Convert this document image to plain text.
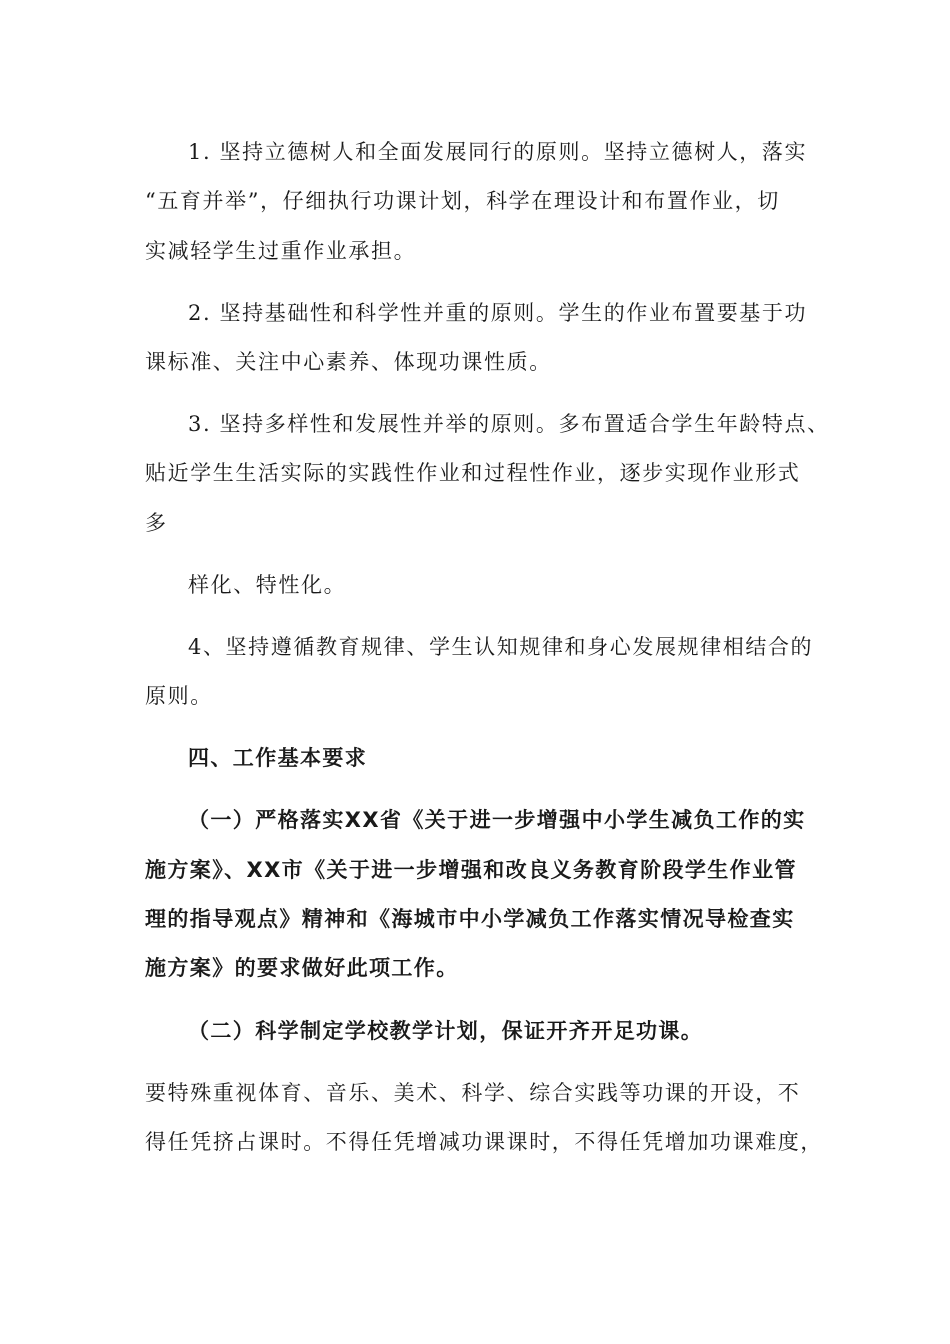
1. 坚持立德树人和全面发展同行的原则。坚持立德树人，落实
“五育并举”，仔细执行功课计划，科学在理设计和布置作业，切
实减轻学生过重作业承担。
2. 坚持基础性和科学性并重的原则。学生的作业布置要基于功
课标准、关注中心素养、体现功课性质。
3. 坚持多样性和发展性并举的原则。多布置适合学生年龄特点、
贴近学生生活实际的实践性作业和过程性作业，逐步实现作业形式
多
样化、特性化。
4、坚持遵循教育规律、学生认知规律和身心发展规律相结合的
原则。
四、工作基本要求
（一）严格落实XX省《关于进一步增强中小学生减负工作的实
施方案》、XX市《关于进一步增强和改良义务教育阶段学生作业管
理的指导观点》精神和《海城市中小学减负工作落实情况导检查实
施方案》的要求做好此项工作。
（二）科学制定学校教学计划，保证开齐开足功课。
要特殊重视体育、音乐、美术、科学、综合实践等功课的开设，不
得任凭挤占课时。不得任凭增减功课课时，不得任凭增加功课难度，
